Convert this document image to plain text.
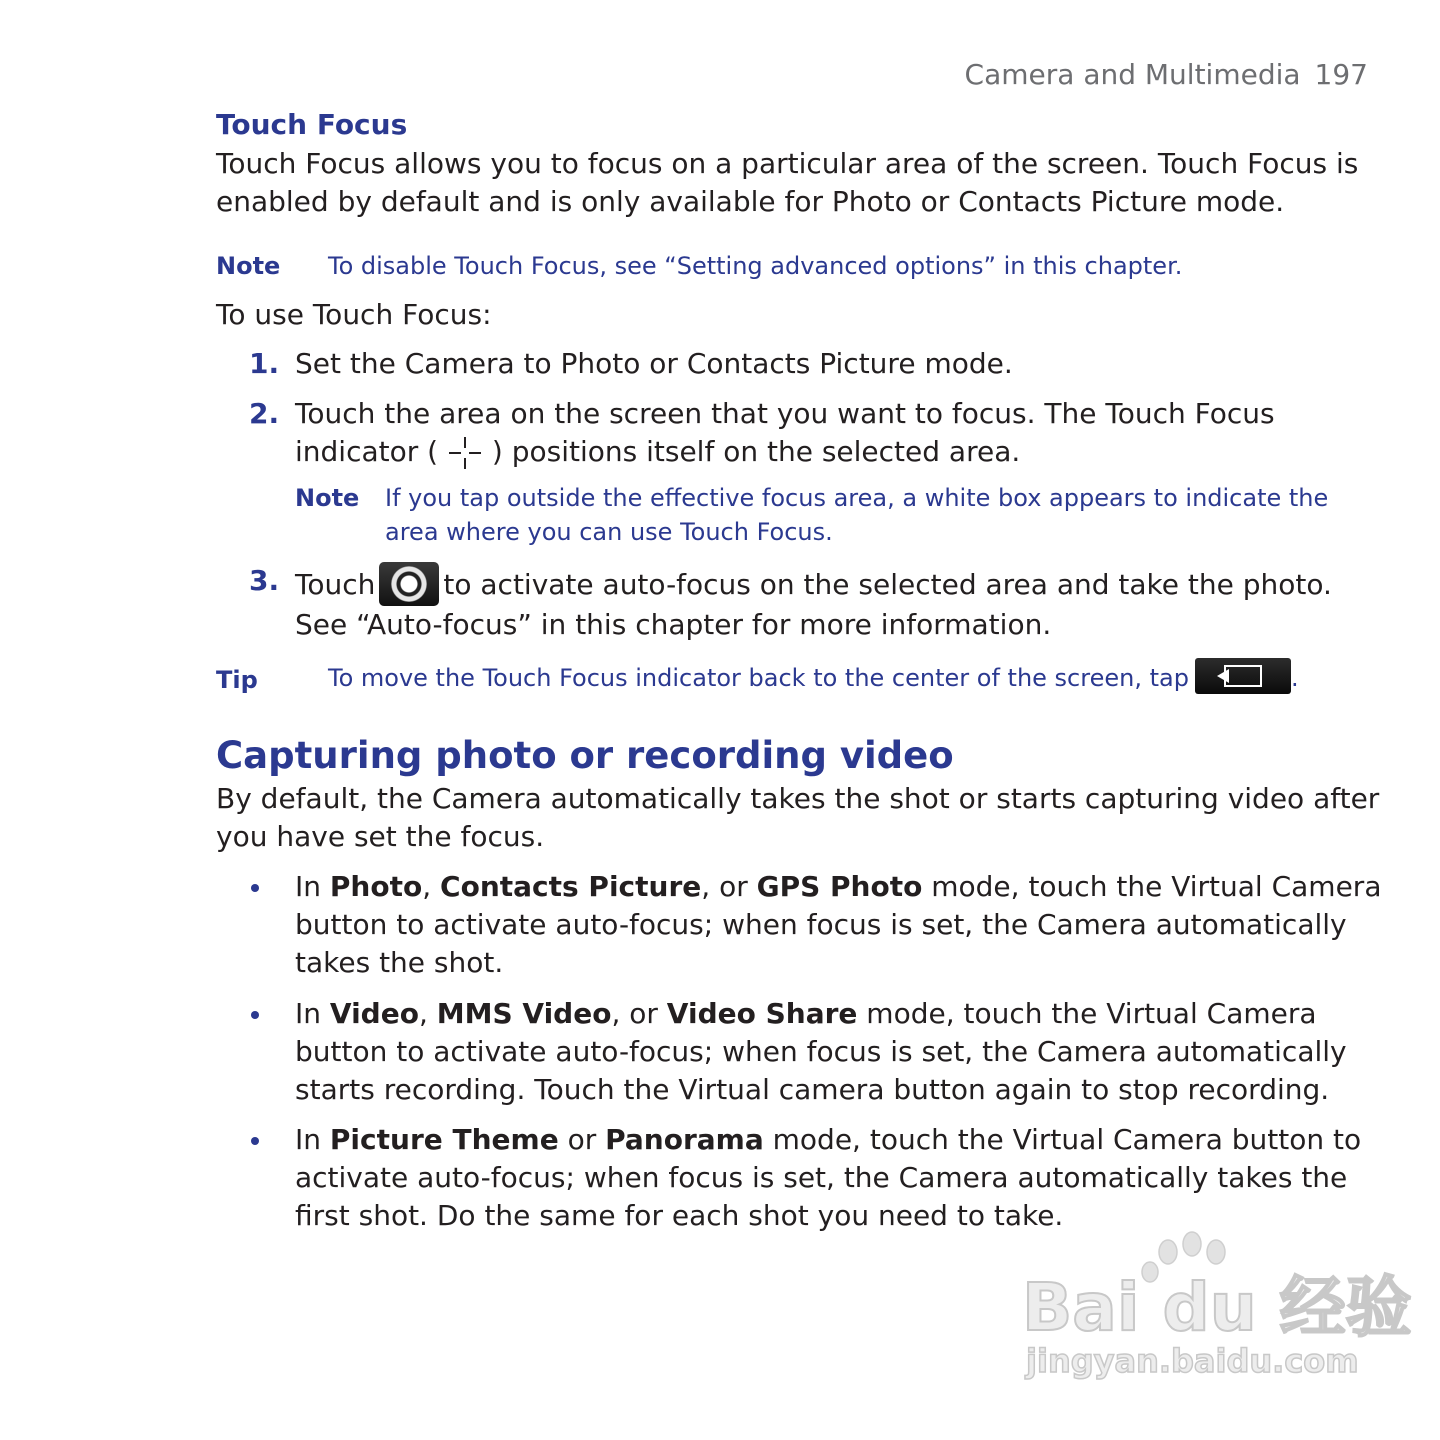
Camera and Multimedia 197
Touch Focus
Touch Focus allows you to focus on a particular area of the screen. Touch Focus is
enabled by default and is only available for Photo or Contacts Picture mode.
Note To disable Touch Focus, see “Setting advanced options” in this chapter.
To use Touch Focus:
1. Set the Camera to Photo or Contacts Picture mode.
2. Touch the area on the screen that you want to focus. The Touch Focus
indicator (  ) positions itself on the selected area.
Note If you tap outside the effective focus area, a white box appears to indicate the
area where you can use Touch Focus.
3. Touch to activate auto-focus on the selected area and take the photo.
See “Auto-focus” in this chapter for more information.
Tip	To move the Touch Focus indicator back to the center of the screen, tap	.
Capturing photo or recording video
By default, the Camera automatically takes the shot or starts capturing video after
you have set the focus.
In Photo, Contacts Picture, or GPS Photo mode, touch the Virtual Camera
button to activate auto-focus; when focus is set, the Camera automatically
takes the shot.
In Video, MMS Video, or Video Share mode, touch the Virtual Camera
button to activate auto-focus; when focus is set, the Camera automatically
starts recording. Touch the Virtual camera button again to stop recording.
In Picture Theme or Panorama mode, touch the Virtual Camera button to
activate auto-focus; when focus is set, the Camera automatically takes the
first shot. Do the same for each shot you need to take.
Bai du 经验
jingyan.baidu.com
